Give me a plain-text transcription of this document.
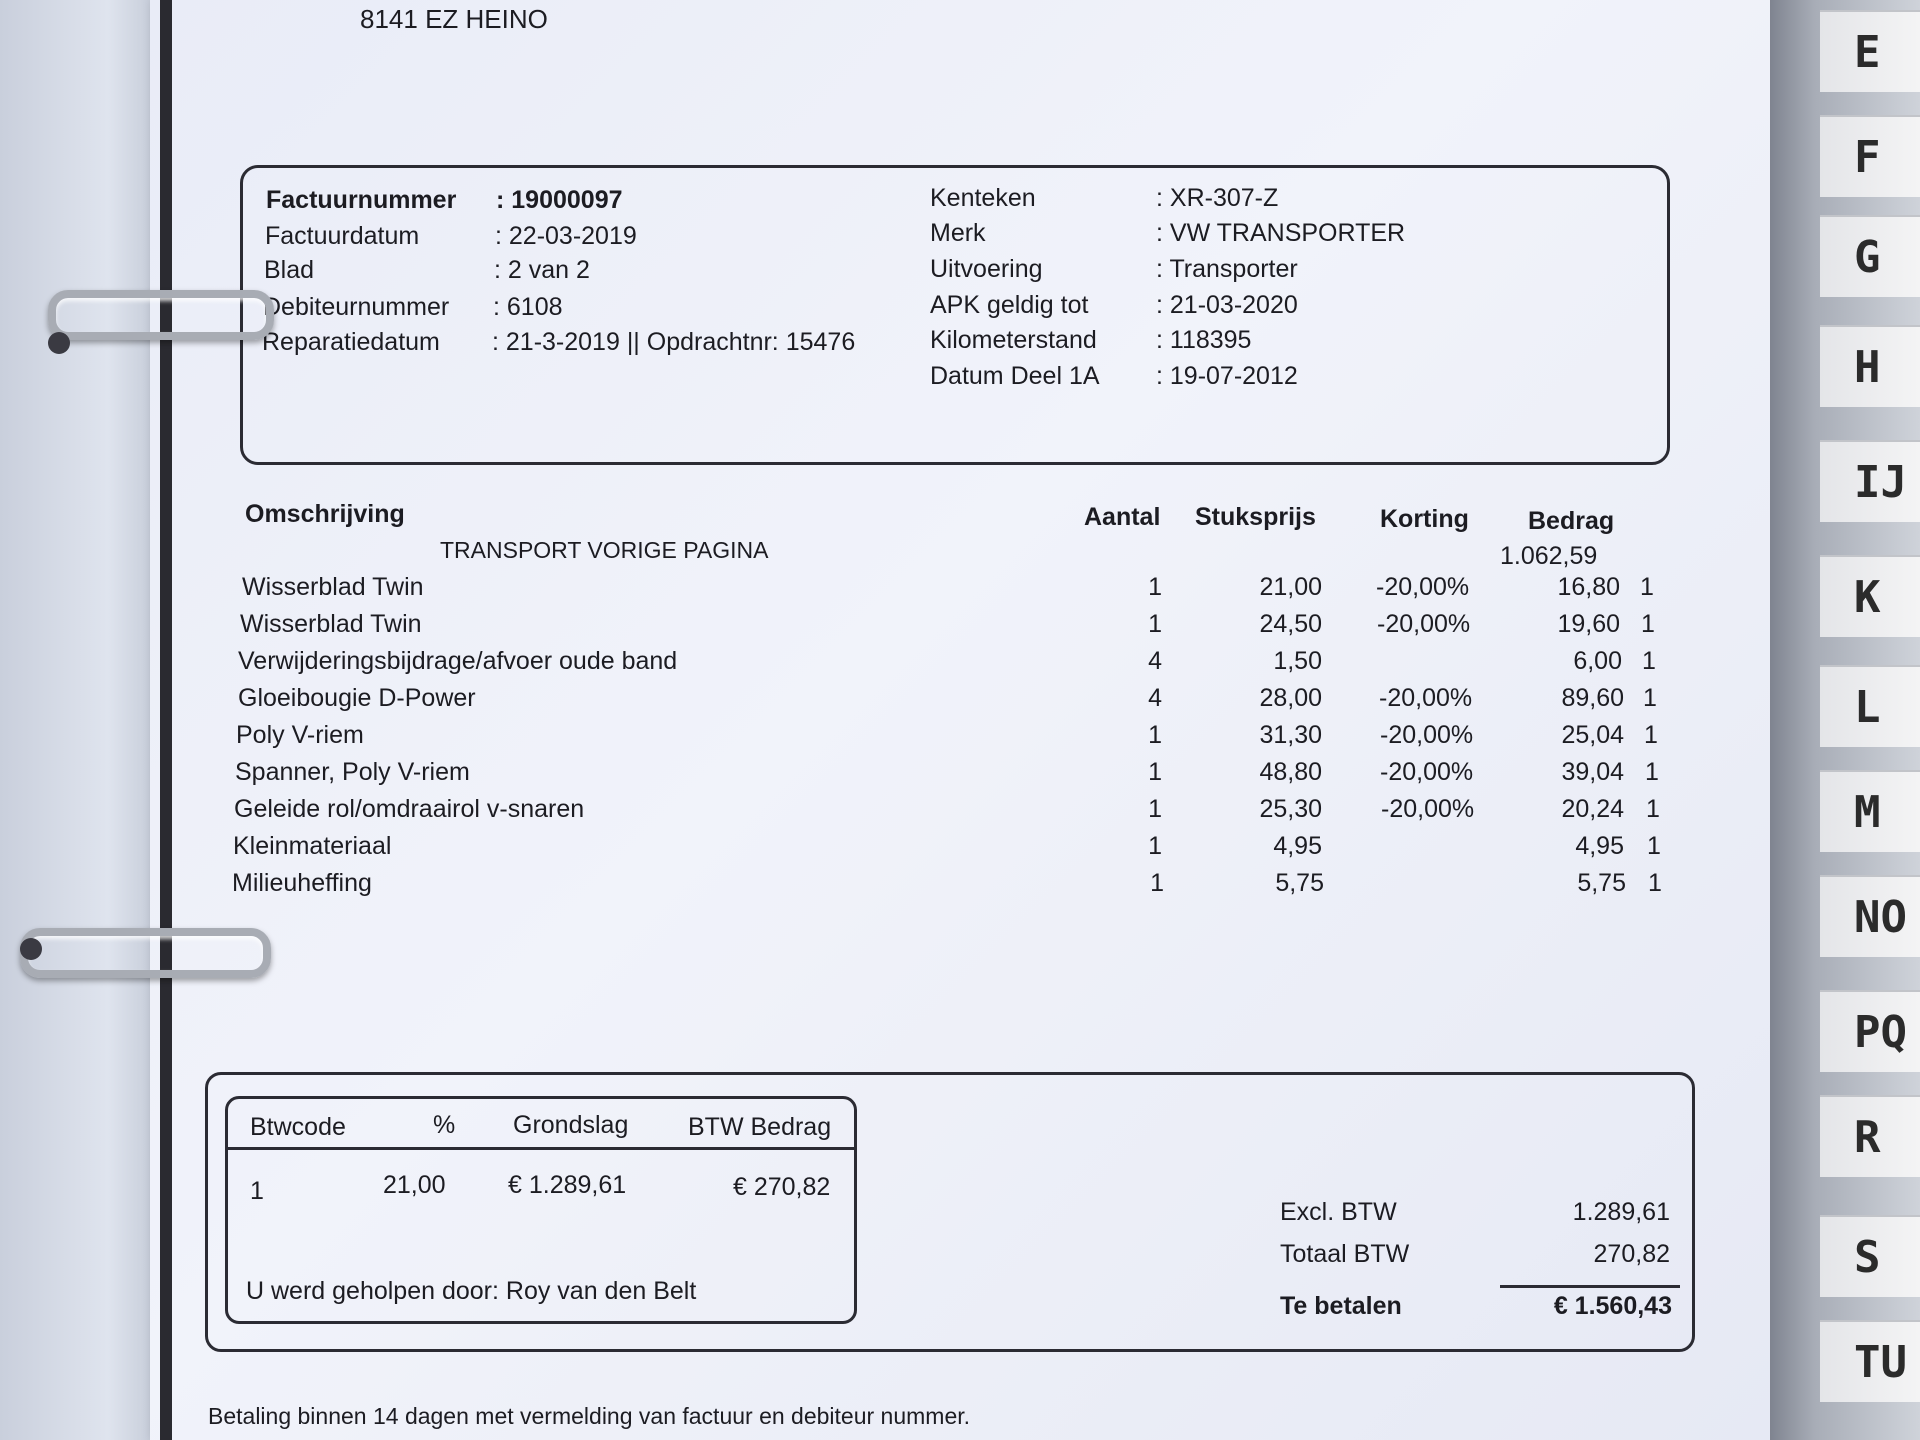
E
F
G
H
IJ
K
L
M
NO
PQ
R
S
TU
8141 EZ HEINO
Factuurnummer : 19000097
Factuurdatum	: 22-03-2019
Blad	: 2 van 2
Debiteurnummer : 6108
Reparatiedatum : 21-3-2019 || Opdrachtnr: 15476
Kenteken	: XR-307-Z
Merk	: VW TRANSPORTER
Uitvoering	: Transporter
APK geldig tot	: 21-03-2020
Kilometerstand : 118395
Datum Deel 1A : 19-07-2012
Omschrijving	Aantal Stuksprijs	Korting Bedrag
TRANSPORT VORIGE PAGINA	1.062,59
Wisserblad Twin	1	21,00 -20,00%	16,80 1
Wisserblad Twin	1	24,50 -20,00%	19,60 1
Verwijderingsbijdrage/afvoer oude band	4	1,50	6,00 1
Gloeibougie D-Power	4	28,00 -20,00%	89,60 1
Poly V-riem	1	31,30 -20,00%	25,04 1
Spanner, Poly V-riem	1	48,80 -20,00%	39,04 1
Geleide rol/omdraairol v-snaren	1	25,30 -20,00%	20,24 1
Kleinmateriaal	1	4,95	4,95 1
Milieuheffing	1	5,75	5,75 1
Btwcode	% Grondslag BTW Bedrag
1	21,00 € 1.289,61	€ 270,82
U werd geholpen door: Roy van den Belt
Excl. BTW	1.289,61
Totaal BTW	270,82
Te betalen	€ 1.560,43
Betaling binnen 14 dagen met vermelding van factuur en debiteur nummer.
